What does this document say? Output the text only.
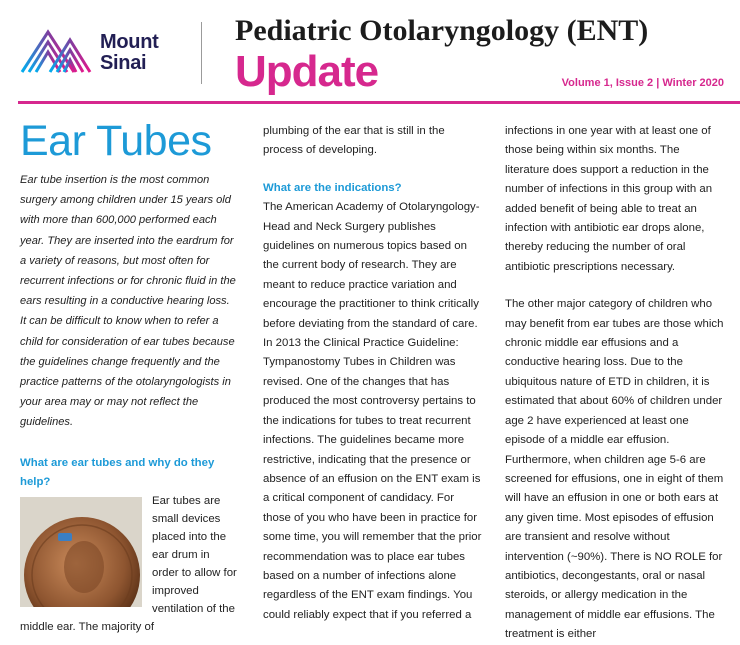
Mount
Sinai
Pediatric Otolaryngology (ENT)
Update	Volume 1, Issue 2 | Winter 2020
Ear Tubes

Ear tube insertion is the most common surgery among children under 15 years old with more than 600,000 performed each year. They are inserted into the eardrum for a variety of reasons, but most often for recurrent infections or for chronic fluid in the ears resulting in a conductive hearing loss. It can be difficult to know when to refer a child for consideration of ear tubes because the guidelines change frequently and the practice patterns of the otolaryngologists in your area may or may not reflect the guidelines.

What are ear tubes and why do they help?

Ear tubes are small devices placed into the ear drum in order to allow for improved ventilation of the middle ear. The majority of

plumbing of the ear that is still in the process of developing.

What are the indications?

The American Academy of Otolaryngology-Head and Neck Surgery publishes guidelines on numerous topics based on the current body of research. They are meant to reduce practice variation and encourage the practitioner to think critically before deviating from the standard of care. In 2013 the Clinical Practice Guideline: Tympanostomy Tubes in Children was revised. One of the changes that has produced the most controversy pertains to the indications for tubes to treat recurrent infections. The guidelines became more restrictive, indicating that the presence or absence of an effusion on the ENT exam is a critical component of candidacy. For those of you who have been in practice for some time, you will remember that the prior recommendation was to place ear tubes based on a number of infections alone regardless of the ENT exam findings. You could reliably expect that if you referred a

infections in one year with at least one of those being within six months. The literature does support a reduction in the number of infections in this group with an added benefit of being able to treat an infection with antibiotic ear drops alone, thereby reducing the number of oral antibiotic prescriptions necessary.

The other major category of children who may benefit from ear tubes are those which chronic middle ear effusions and a conductive hearing loss. Due to the ubiquitous nature of ETD in children, it is estimated that about 60% of children under age 2 have experienced at least one episode of a middle ear effusion. Furthermore, when children age 5-6 are screened for effusions, one in eight of them will have an effusion in one or both ears at any given time. Most episodes of effusion are transient and resolve without intervention (~90%). There is NO ROLE for antibiotics, decongestants, oral or nasal steroids, or allergy medication in the management of middle ear effusions. The treatment is either
